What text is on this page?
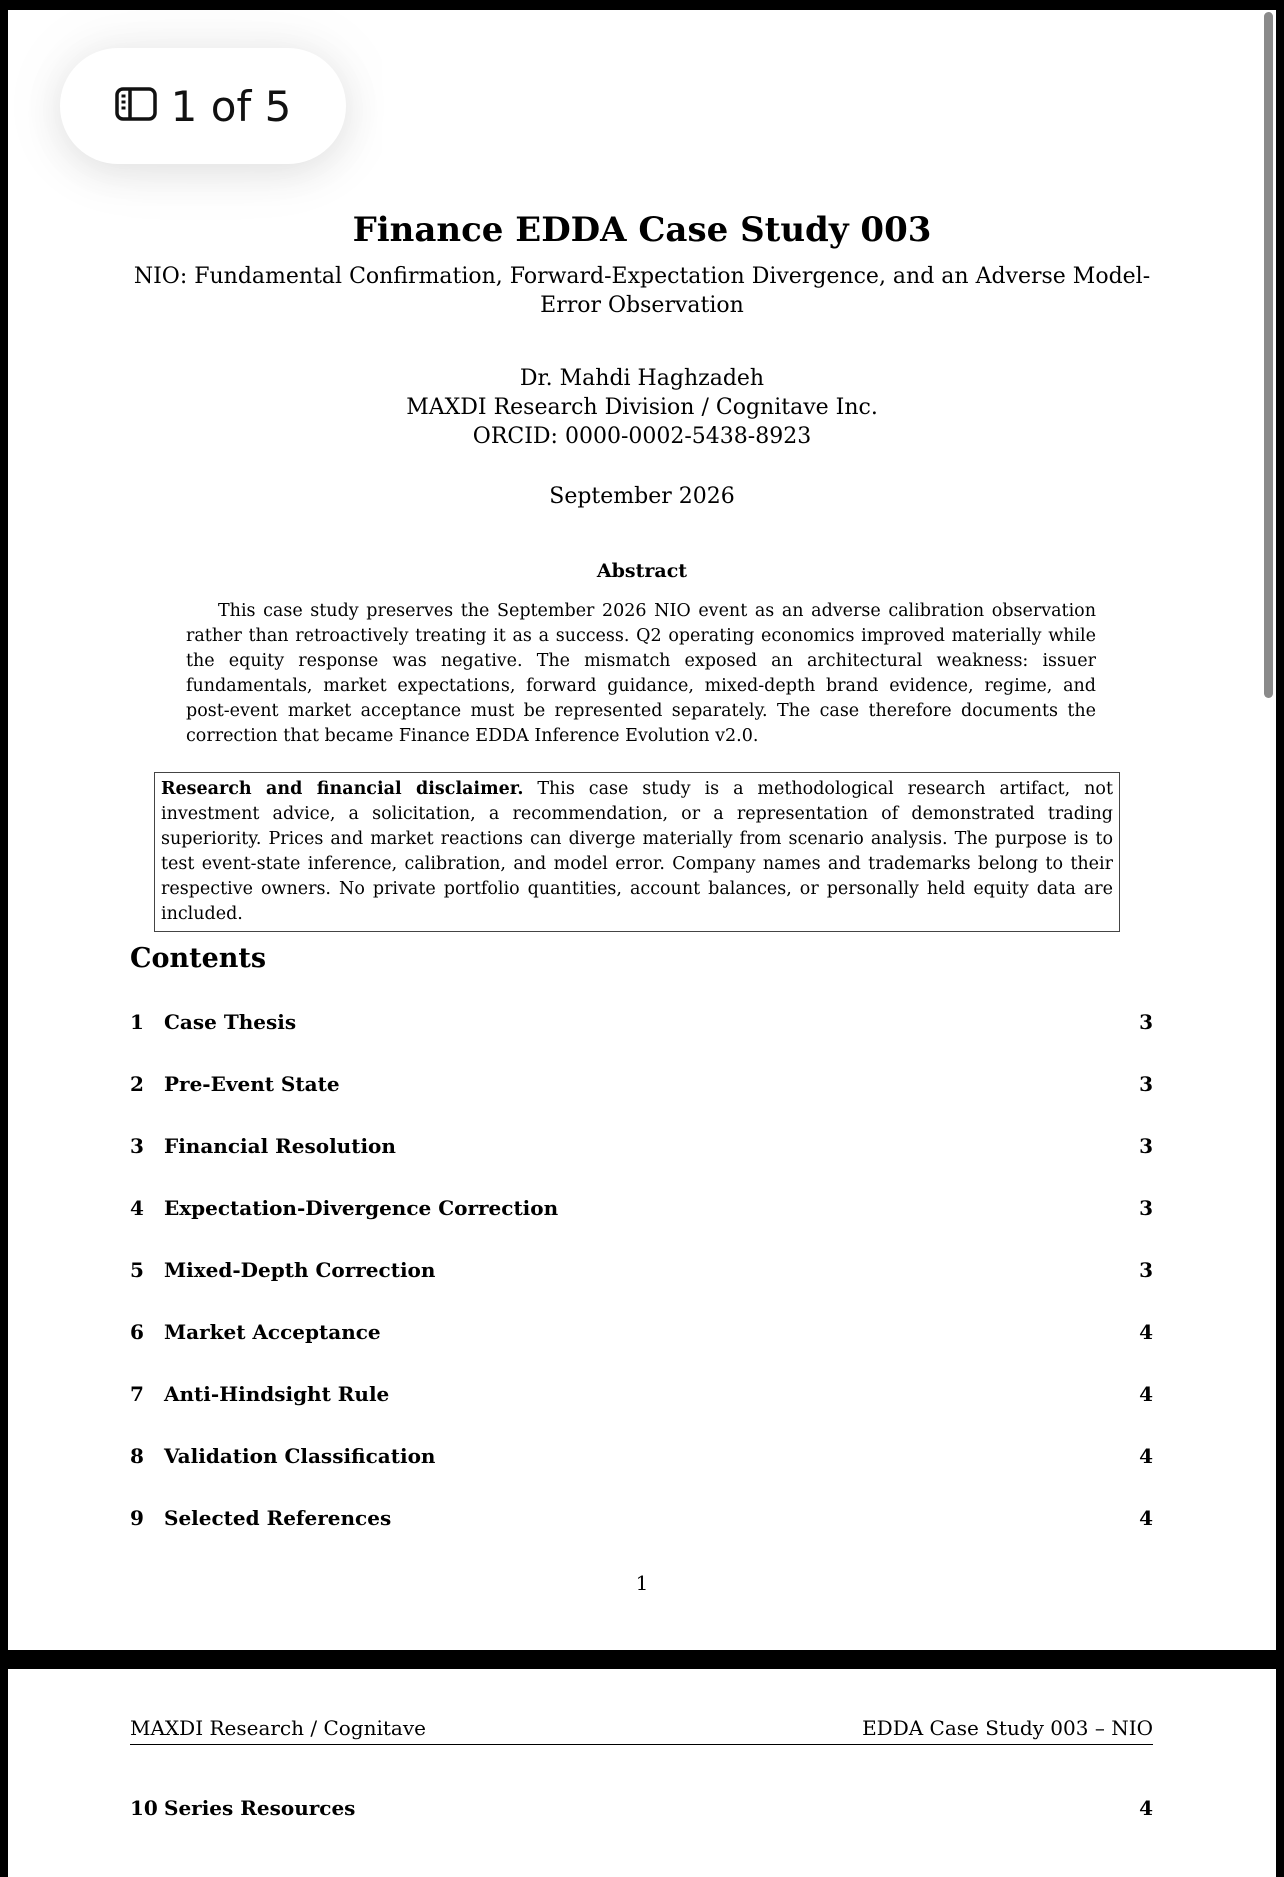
1 of 5
Finance EDDA Case Study 003
NIO: Fundamental Confirmation, Forward-Expectation Divergence, and an Adverse Model-Error Observation
Dr. Mahdi Haghzadeh
MAXDI Research Division / Cognitave Inc.
ORCID: 0000-0002-5438-8923
September 2026
Abstract
This case study preserves the September 2026 NIO event as an adverse calibration observation rather than retroactively treating it as a success. Q2 operating economics improved materially while the equity response was negative. The mismatch exposed an architectural weakness: issuer fundamentals, market expectations, forward guidance, mixed-depth brand evidence, regime, and post-event market acceptance must be represented separately. The case therefore documents the correction that became Finance EDDA Inference Evolution v2.0.
Research and financial disclaimer. This case study is a methodological research artifact, not investment advice, a solicitation, a recommendation, or a representation of demonstrated trading superiority. Prices and market reactions can diverge materially from scenario analysis. The purpose is to test event-state inference, calibration, and model error. Company names and trademarks belong to their respective owners. No private portfolio quantities, account balances, or personally held equity data are included.
Contents
1	Case Thesis	3
2	Pre-Event State	3
3	Financial Resolution	3
4	Expectation-Divergence Correction	3
5	Mixed-Depth Correction	3
6	Market Acceptance	4
7	Anti-Hindsight Rule	4
8	Validation Classification	4
9	Selected References	4
1
MAXDI Research / Cognitave	EDDA Case Study 003 – NIO
10 Series Resources	4
